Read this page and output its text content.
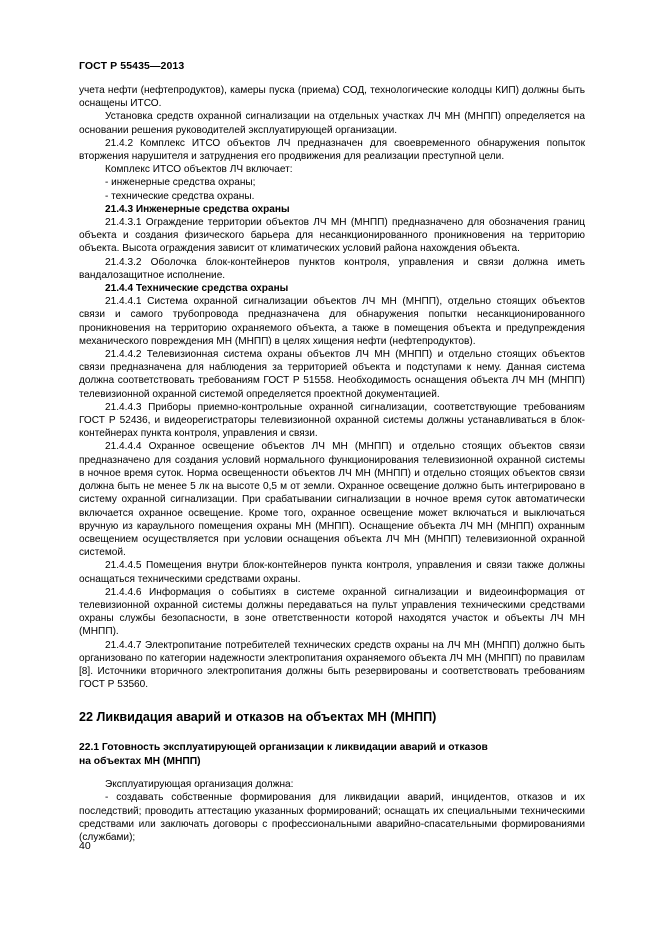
ГОСТ Р 55435—2013

учета нефти (нефтепродуктов), камеры пуска (приема) СОД, технологические колодцы КИП) должны быть оснащены ИТСО.

Установка средств охранной сигнализации на отдельных участках ЛЧ МН (МНПП) определяется на основании решения руководителей эксплуатирующей организации.

21.4.2 Комплекс ИТСО объектов ЛЧ предназначен для своевременного обнаружения попыток вторжения нарушителя и затруднения его продвижения для реализации преступной цели.

Комплекс ИТСО объектов ЛЧ включает:

- инженерные средства охраны;

- технические средства охраны.

21.4.3 Инженерные средства охраны

21.4.3.1 Ограждение территории объектов ЛЧ МН (МНПП) предназначено для обозначения границ объекта и создания физического барьера для несанкционированного проникновения на территорию объекта. Высота ограждения зависит от климатических условий района нахождения объекта.

21.4.3.2 Оболочка блок-контейнеров пунктов контроля, управления и связи должна иметь вандалозащитное исполнение.

21.4.4 Технические средства охраны

21.4.4.1 Система охранной сигнализации объектов ЛЧ МН (МНПП), отдельно стоящих объектов связи и самого трубопровода предназначена для обнаружения попытки несанкционированного проникновения на территорию охраняемого объекта, а также в помещения объекта и предупреждения механического повреждения МН (МНПП) в целях хищения нефти (нефтепродуктов).

21.4.4.2 Телевизионная система охраны объектов ЛЧ МН (МНПП) и отдельно стоящих объектов связи предназначена для наблюдения за территорией объекта и подступами к нему. Данная система должна соответствовать требованиям ГОСТ Р 51558. Необходимость оснащения объекта ЛЧ МН (МНПП) телевизионной охранной системой определяется проектной документацией.

21.4.4.3 Приборы приемно-контрольные охранной сигнализации, соответствующие требованиям ГОСТ Р 52436, и видеорегистраторы телевизионной охранной системы должны устанавливаться в блок-контейнерах пункта контроля, управления и связи.

21.4.4.4 Охранное освещение объектов ЛЧ МН (МНПП) и отдельно стоящих объектов связи предназначено для создания условий нормального функционирования телевизионной охранной системы в ночное время суток. Норма освещенности объектов ЛЧ МН (МНПП) и отдельно стоящих объектов связи должна быть не менее 5 лк на высоте 0,5 м от земли. Охранное освещение должно быть интегрировано в систему охранной сигнализации. При срабатывании сигнализации в ночное время суток автоматически включается охранное освещение. Кроме того, охранное освещение может включаться и выключаться вручную из караульного помещения охраны МН (МНПП). Оснащение объекта ЛЧ МН (МНПП) охранным освещением осуществляется при условии оснащения объекта ЛЧ МН (МНПП) телевизионной охранной системой.

21.4.4.5 Помещения внутри блок-контейнеров пункта контроля, управления и связи также должны оснащаться техническими средствами охраны.

21.4.4.6 Информация о событиях в системе охранной сигнализации и видеоинформация от телевизионной охранной системы должны передаваться на пульт управления техническими средствами охраны службы безопасности, в зоне ответственности которой находятся участок и объекты ЛЧ МН (МНПП).

21.4.4.7 Электропитание потребителей технических средств охраны на ЛЧ МН (МНПП) должно быть организовано по категории надежности электропитания охраняемого объекта ЛЧ МН (МНПП) по правилам [8]. Источники вторичного электропитания должны быть резервированы и соответствовать требованиям ГОСТ Р 53560.

22 Ликвидация аварий и отказов на объектах МН (МНПП)
22.1 Готовность эксплуатирующей организации к ликвидации аварий и отказов
на объектах МН (МНПП)

Эксплуатирующая организация должна:

- создавать собственные формирования для ликвидации аварий, инцидентов, отказов и их последствий; проводить аттестацию указанных формирований; оснащать их специальными техническими средствами или заключать договоры с профессиональными аварийно-спасательными формированиями (службами);

40
